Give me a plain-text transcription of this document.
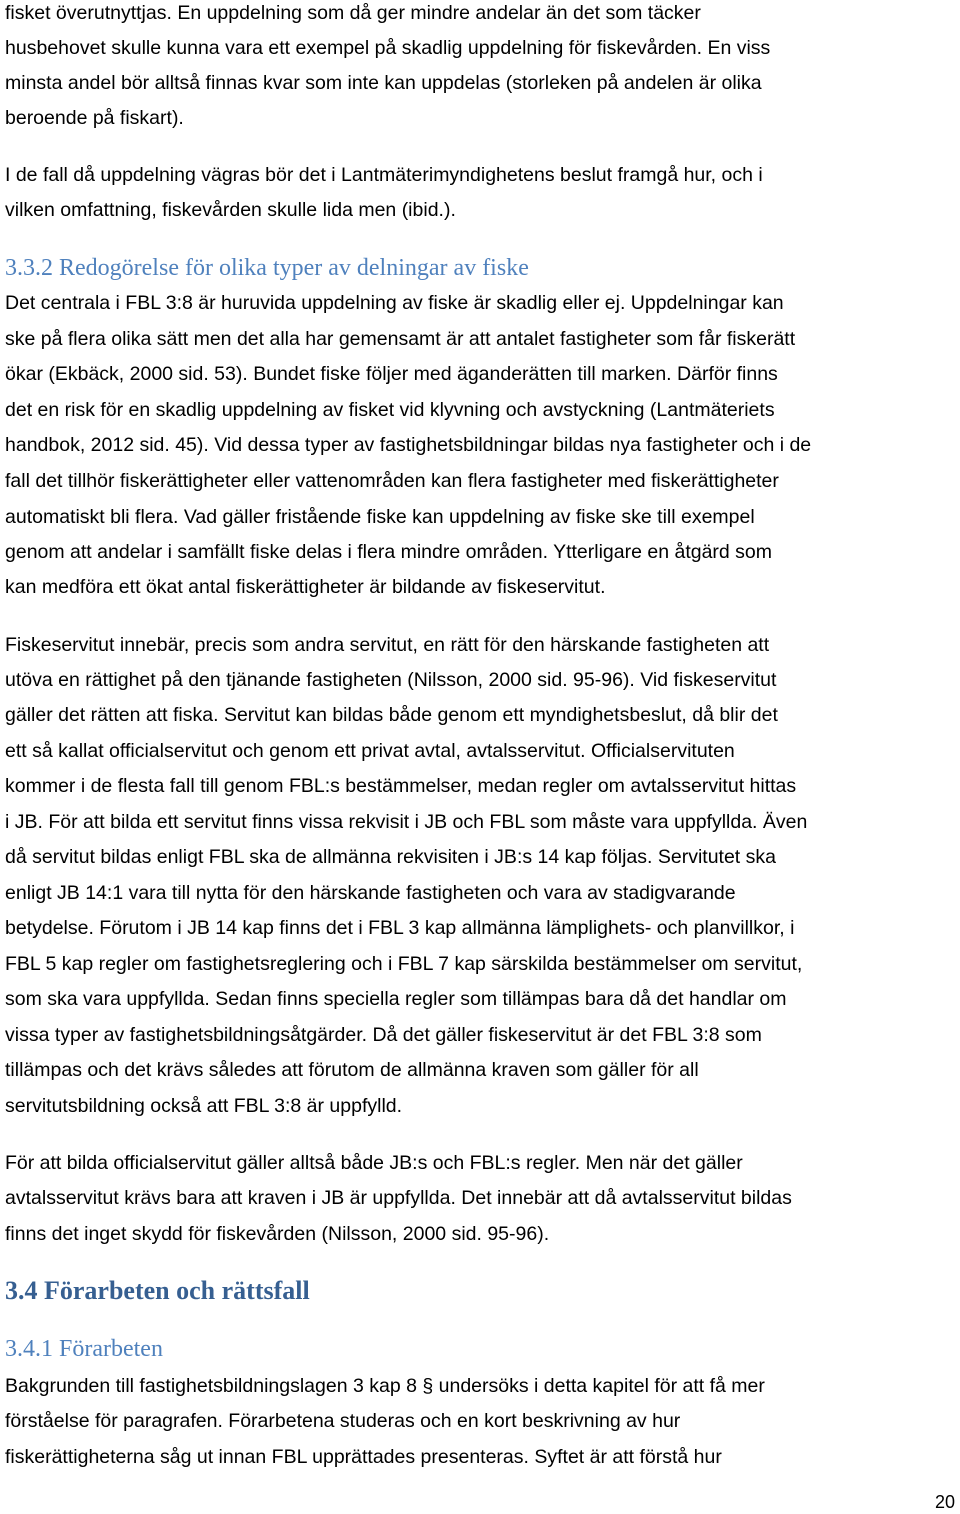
fisket överutnyttjas. En uppdelning som då ger mindre andelar än det som täcker
husbehovet skulle kunna vara ett exempel på skadlig uppdelning för fiskevården. En viss
minsta andel bör alltså finnas kvar som inte kan uppdelas (storleken på andelen är olika
beroende på fiskart).
I de fall då uppdelning vägras bör det i Lantmäterimyndighetens beslut framgå hur, och i
vilken omfattning, fiskevården skulle lida men (ibid.).
3.3.2 Redogörelse för olika typer av delningar av fiske
Det centrala i FBL 3:8 är huruvida uppdelning av fiske är skadlig eller ej. Uppdelningar kan
ske på flera olika sätt men det alla har gemensamt är att antalet fastigheter som får fiskerätt
ökar (Ekbäck, 2000 sid. 53). Bundet fiske följer med äganderätten till marken. Därför finns
det en risk för en skadlig uppdelning av fisket vid klyvning och avstyckning (Lantmäteriets
handbok, 2012 sid. 45). Vid dessa typer av fastighetsbildningar bildas nya fastigheter och i de
fall det tillhör fiskerättigheter eller vattenområden kan flera fastigheter med fiskerättigheter
automatiskt bli flera. Vad gäller fristående fiske kan uppdelning av fiske ske till exempel
genom att andelar i samfällt fiske delas i flera mindre områden. Ytterligare en åtgärd som
kan medföra ett ökat antal fiskerättigheter är bildande av fiskeservitut.
Fiskeservitut innebär, precis som andra servitut, en rätt för den härskande fastigheten att
utöva en rättighet på den tjänande fastigheten (Nilsson, 2000 sid. 95-96). Vid fiskeservitut
gäller det rätten att fiska. Servitut kan bildas både genom ett myndighetsbeslut, då blir det
ett så kallat officialservitut och genom ett privat avtal, avtalsservitut. Officialservituten
kommer i de flesta fall till genom FBL:s bestämmelser, medan regler om avtalsservitut hittas
i JB. För att bilda ett servitut finns vissa rekvisit i JB och FBL som måste vara uppfyllda. Även
då servitut bildas enligt FBL ska de allmänna rekvisiten i JB:s 14 kap följas. Servitutet ska
enligt JB 14:1 vara till nytta för den härskande fastigheten och vara av stadigvarande
betydelse. Förutom i JB 14 kap finns det i FBL 3 kap allmänna lämplighets- och planvillkor, i
FBL 5 kap regler om fastighetsreglering och i FBL 7 kap särskilda bestämmelser om servitut,
som ska vara uppfyllda. Sedan finns speciella regler som tillämpas bara då det handlar om
vissa typer av fastighetsbildningsåtgärder. Då det gäller fiskeservitut är det FBL 3:8 som
tillämpas och det krävs således att förutom de allmänna kraven som gäller för all
servitutsbildning också att FBL 3:8 är uppfylld.
För att bilda officialservitut gäller alltså både JB:s och FBL:s regler. Men när det gäller
avtalsservitut krävs bara att kraven i JB är uppfyllda. Det innebär att då avtalsservitut bildas
finns det inget skydd för fiskevården (Nilsson, 2000 sid. 95-96).
3.4 Förarbeten och rättsfall
3.4.1 Förarbeten
Bakgrunden till fastighetsbildningslagen 3 kap 8 § undersöks i detta kapitel för att få mer
förståelse för paragrafen. Förarbetena studeras och en kort beskrivning av hur
fiskerättigheterna såg ut innan FBL upprättades presenteras. Syftet är att förstå hur
20
